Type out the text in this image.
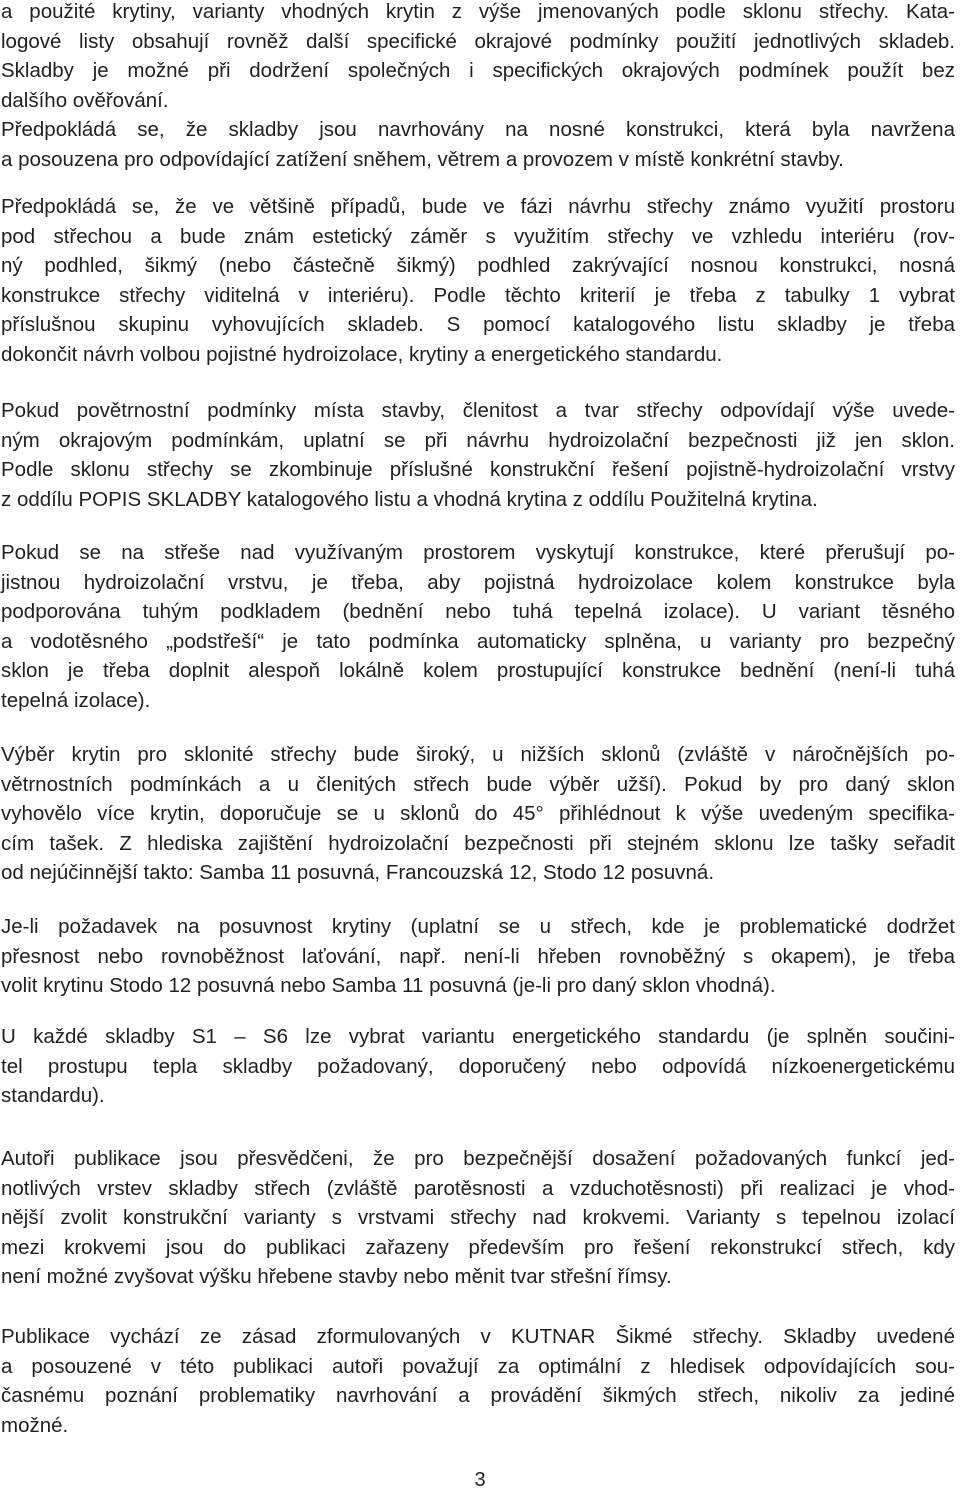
a použité krytiny, varianty vhodných krytin z výše jmenovaných podle sklonu střechy. Kata-
logové listy obsahují rovněž další specifické okrajové podmínky použití jednotlivých skladeb.
Skladby je možné při dodržení společných i specifických okrajových podmínek použít bez
dalšího ověřování.
Předpokládá se, že skladby jsou navrhovány na nosné konstrukci, která byla navržena
a posouzena pro odpovídající zatížení sněhem, větrem a provozem v místě konkrétní stavby.
Předpokládá se, že ve většině případů, bude ve fázi návrhu střechy známo využití prostoru
pod střechou a bude znám estetický záměr s využitím střechy ve vzhledu interiéru (rov-
ný podhled, šikmý (nebo částečně šikmý) podhled zakrývající nosnou konstrukci, nosná
konstrukce střechy viditelná v interiéru). Podle těchto kriterií je třeba z tabulky 1 vybrat
příslušnou skupinu vyhovujících skladeb. S pomocí katalogového listu skladby je třeba
dokončit návrh volbou pojistné hydroizolace, krytiny a energetického standardu.
Pokud povětrnostní podmínky místa stavby, členitost a tvar střechy odpovídají výše uvede-
ným okrajovým podmínkám, uplatní se při návrhu hydroizolační bezpečnosti již jen sklon.
Podle sklonu střechy se zkombinuje příslušné konstrukční řešení pojistně-hydroizolační vrstvy
z oddílu POPIS SKLADBY katalogového listu a vhodná krytina z oddílu Použitelná krytina.
Pokud se na střeše nad využívaným prostorem vyskytují konstrukce, které přerušují po-
jistnou hydroizolační vrstvu, je třeba, aby pojistná hydroizolace kolem konstrukce byla
podporována tuhým podkladem (bednění nebo tuhá tepelná izolace). U variant těsného
a vodotěsného „podstřeší“ je tato podmínka automaticky splněna, u varianty pro bezpečný
sklon je třeba doplnit alespoň lokálně kolem prostupující konstrukce bednění (není-li tuhá
tepelná izolace).
Výběr krytin pro sklonité střechy bude široký, u nižších sklonů (zvláště v náročnějších po-
větrnostních podmínkách a u členitých střech bude výběr užší). Pokud by pro daný sklon
vyhovělo více krytin, doporučuje se u sklonů do 45° přihlédnout k výše uvedeným specifika-
cím tašek. Z hlediska zajištění hydroizolační bezpečnosti při stejném sklonu lze tašky seřadit
od nejúčinnější takto: Samba 11 posuvná, Francouzská 12, Stodo 12 posuvná.
Je-li požadavek na posuvnost krytiny (uplatní se u střech, kde je problematické dodržet
přesnost nebo rovnoběžnost laťování, např. není-li hřeben rovnoběžný s okapem), je třeba
volit krytinu Stodo 12 posuvná nebo Samba 11 posuvná (je-li pro daný sklon vhodná).
U každé skladby S1 – S6 lze vybrat variantu energetického standardu (je splněn součini-
tel prostupu tepla skladby požadovaný, doporučený nebo odpovídá nízkoenergetickému
standardu).
Autoři publikace jsou přesvědčeni, že pro bezpečnější dosažení požadovaných funkcí jed-
notlivých vrstev skladby střech (zvláště parotěsnosti a vzduchotěsnosti) při realizaci je vhod-
nější zvolit konstrukční varianty s vrstvami střechy nad krokvemi. Varianty s tepelnou izolací
mezi krokvemi jsou do publikaci zařazeny především pro řešení rekonstrukcí střech, kdy
není možné zvyšovat výšku hřebene stavby nebo měnit tvar střešní římsy.
Publikace vychází ze zásad zformulovaných v KUTNAR Šikmé střechy. Skladby uvedené
a posouzené v této publikaci autoři považují za optimální z hledisek odpovídajících sou-
časnému poznání problematiky navrhování a provádění šikmých střech, nikoliv za jediné
možné.
3
